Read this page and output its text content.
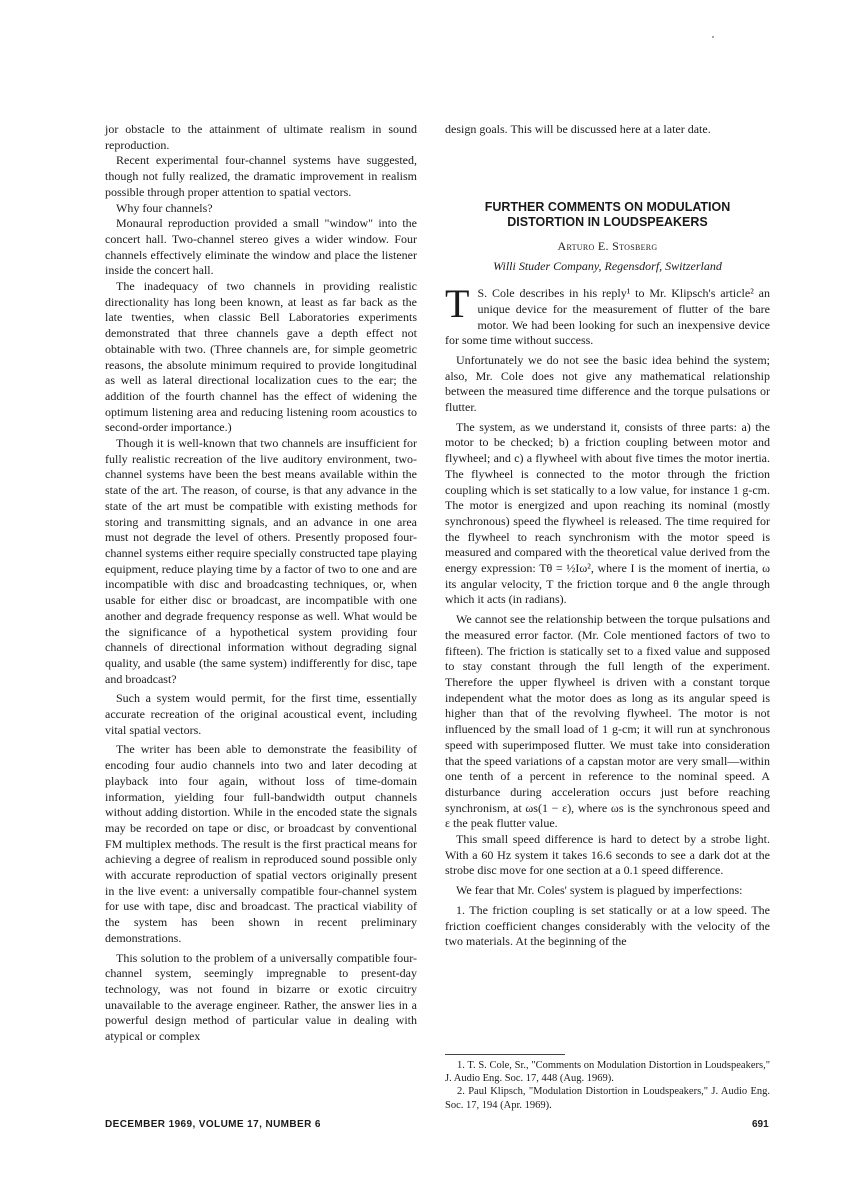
jor obstacle to the attainment of ultimate realism in sound reproduction.

Recent experimental four-channel systems have suggested, though not fully realized, the dramatic improvement in realism possible through proper attention to spatial vectors.

Why four channels?

Monaural reproduction provided a small "window" into the concert hall. Two-channel stereo gives a wider window. Four channels effectively eliminate the window and place the listener inside the concert hall.

The inadequacy of two channels in providing realistic directionality has long been known, at least as far back as the late twenties, when classic Bell Laboratories experiments demonstrated that three channels gave a depth effect not obtainable with two. (Three channels are, for simple geometric reasons, the absolute minimum required to provide longitudinal as well as lateral directional localization cues to the ear; the addition of the fourth channel has the effect of widening the optimum listening area and reducing listening room acoustics to second-order importance.)

Though it is well-known that two channels are insufficient for fully realistic recreation of the live auditory environment, two-channel systems have been the best means available within the state of the art. The reason, of course, is that any advance in the state of the art must be compatible with existing methods for storing and transmitting signals, and an advance in one area must not degrade the level of others. Presently proposed four-channel systems either require specially constructed tape playing equipment, reduce playing time by a factor of two to one and are incompatible with disc and broadcasting techniques, or, when usable for either disc or broadcast, are incompatible with one another and degrade frequency response as well. What would be the significance of a hypothetical system providing four channels of directional information without degrading signal quality, and usable (the same system) indifferently for disc, tape and broadcast?

Such a system would permit, for the first time, essentially accurate recreation of the original acoustical event, including vital spatial vectors.

The writer has been able to demonstrate the feasibility of encoding four audio channels into two and later decoding at playback into four again, without loss of time-domain information, yielding four full-bandwidth output channels without adding distortion. While in the encoded state the signals may be recorded on tape or disc, or broadcast by conventional FM multiplex methods. The result is the first practical means for achieving a degree of realism in reproduced sound possible only with accurate reproduction of spatial vectors originally present in the live event: a universally compatible four-channel system for use with tape, disc and broadcast. The practical viability of the system has been shown in recent preliminary demonstrations.

This solution to the problem of a universally compatible four-channel system, seemingly impregnable to present-day technology, was not found in bizarre or exotic circuitry unavailable to the average engineer. Rather, the answer lies in a powerful design method of particular value in dealing with atypical or complex

design goals. This will be discussed here at a later date.

FURTHER COMMENTS ON MODULATION
DISTORTION IN LOUDSPEAKERS
Arturo E. Stosberg
Willi Studer Company, Regensdorf, Switzerland

T S. Cole describes in his reply¹ to Mr. Klipsch's article² an unique device for the measurement of flutter of the bare motor. We had been looking for such an inexpensive device for some time without success.

Unfortunately we do not see the basic idea behind the system; also, Mr. Cole does not give any mathematical relationship between the measured time difference and the torque pulsations or flutter.

The system, as we understand it, consists of three parts: a) the motor to be checked; b) a friction coupling between motor and flywheel; and c) a flywheel with about five times the motor inertia. The flywheel is connected to the motor through the friction coupling which is set statically to a low value, for instance 1 g-cm. The motor is energized and upon reaching its nominal (mostly synchronous) speed the flywheel is released. The time required for the flywheel to reach synchronism with the motor speed is measured and compared with the theoretical value derived from the energy expression: Tθ = ½Iω², where I is the moment of inertia, ω its angular velocity, T the friction torque and θ the angle through which it acts (in radians).

We cannot see the relationship between the torque pulsations and the measured error factor. (Mr. Cole mentioned factors of two to fifteen). The friction is statically set to a fixed value and supposed to stay constant through the full length of the experiment. Therefore the upper flywheel is driven with a constant torque independent what the motor does as long as its angular speed is higher than that of the revolving flywheel. The motor is not influenced by the small load of 1 g-cm; it will run at synchronous speed with superimposed flutter. We must take into consideration that the speed variations of a capstan motor are very small—within one tenth of a percent in reference to the nominal speed. A disturbance during acceleration occurs just before reaching synchronism, at ωs(1 − ε), where ωs is the synchronous speed and ε the peak flutter value.

This small speed difference is hard to detect by a strobe light. With a 60 Hz system it takes 16.6 seconds to see a dark dot at the strobe disc move for one section at a 0.1 speed difference.

We fear that Mr. Coles' system is plagued by imperfections:

1. The friction coupling is set statically or at a low speed. The friction coefficient changes considerably with the velocity of the two materials. At the beginning of the

1. T. S. Cole, Sr., "Comments on Modulation Distortion in Loudspeakers," J. Audio Eng. Soc. 17, 448 (Aug. 1969).

2. Paul Klipsch, "Modulation Distortion in Loudspeakers," J. Audio Eng. Soc. 17, 194 (Apr. 1969).

DECEMBER 1969, VOLUME 17, NUMBER 6	691
